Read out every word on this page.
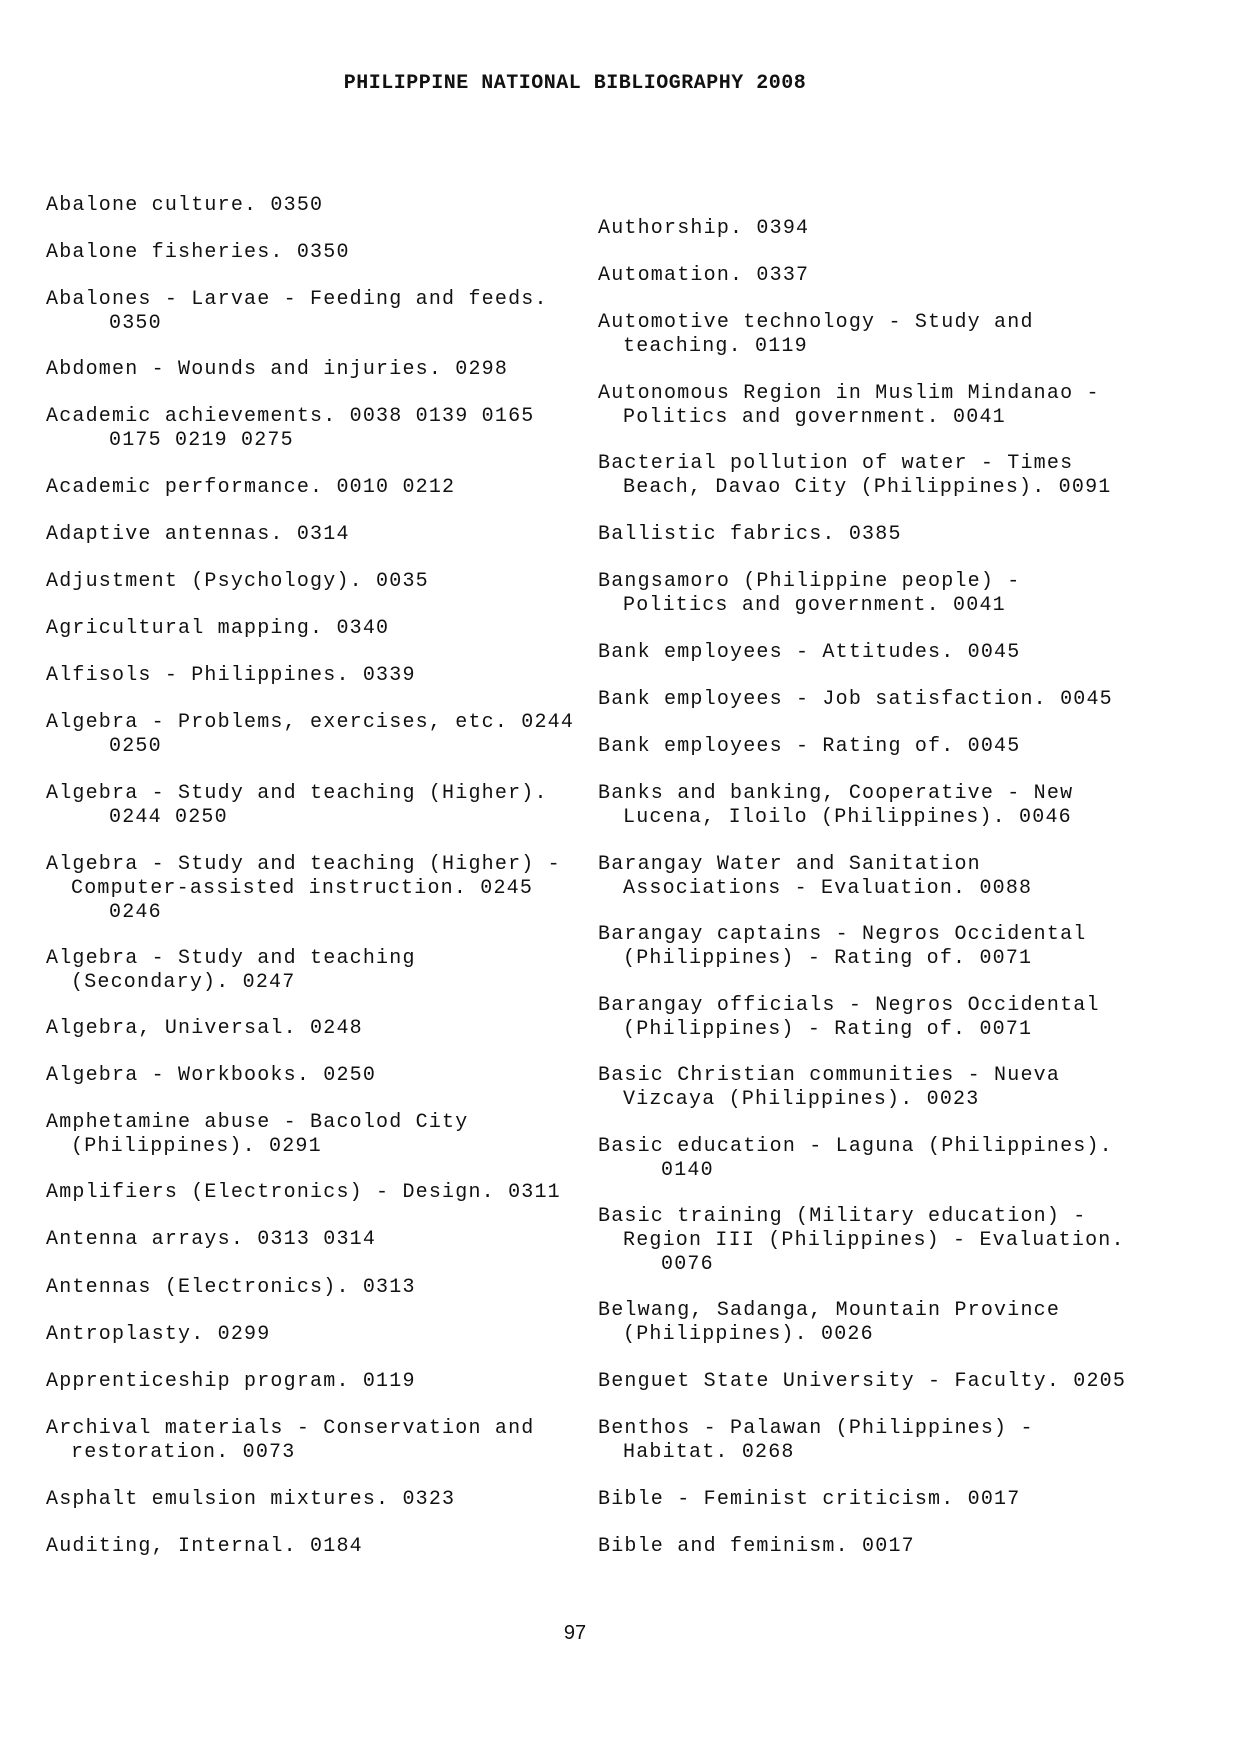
PHILIPPINE NATIONAL BIBLIOGRAPHY 2008
Abalone culture. 0350
Abalone fisheries. 0350
Abalones - Larvae - Feeding and feeds.
0350
Abdomen - Wounds and injuries. 0298
Academic achievements. 0038 0139 0165
0175 0219 0275
Academic performance. 0010 0212
Adaptive antennas. 0314
Adjustment (Psychology). 0035
Agricultural mapping. 0340
Alfisols - Philippines. 0339
Algebra - Problems, exercises, etc. 0244
0250
Algebra - Study and teaching (Higher).
0244 0250
Algebra - Study and teaching (Higher) -
Computer-assisted instruction. 0245
0246
Algebra - Study and teaching
(Secondary). 0247
Algebra, Universal. 0248
Algebra - Workbooks. 0250
Amphetamine abuse - Bacolod City
(Philippines). 0291
Amplifiers (Electronics) - Design. 0311
Antenna arrays. 0313 0314
Antennas (Electronics). 0313
Antroplasty. 0299
Apprenticeship program. 0119
Archival materials - Conservation and
restoration. 0073
Asphalt emulsion mixtures. 0323
Auditing, Internal. 0184
Authorship. 0394
Automation. 0337
Automotive technology - Study and
teaching. 0119
Autonomous Region in Muslim Mindanao -
Politics and government. 0041
Bacterial pollution of water - Times
Beach, Davao City (Philippines). 0091
Ballistic fabrics. 0385
Bangsamoro (Philippine people) -
Politics and government. 0041
Bank employees - Attitudes. 0045
Bank employees - Job satisfaction. 0045
Bank employees - Rating of. 0045
Banks and banking, Cooperative - New
Lucena, Iloilo (Philippines). 0046
Barangay Water and Sanitation
Associations - Evaluation. 0088
Barangay captains - Negros Occidental
(Philippines) - Rating of. 0071
Barangay officials - Negros Occidental
(Philippines) - Rating of. 0071
Basic Christian communities - Nueva
Vizcaya (Philippines). 0023
Basic education - Laguna (Philippines).
0140
Basic training (Military education) -
Region III (Philippines) - Evaluation.
0076
Belwang, Sadanga, Mountain Province
(Philippines). 0026
Benguet State University - Faculty. 0205
Benthos - Palawan (Philippines) -
Habitat. 0268
Bible - Feminist criticism. 0017
Bible and feminism. 0017
97
